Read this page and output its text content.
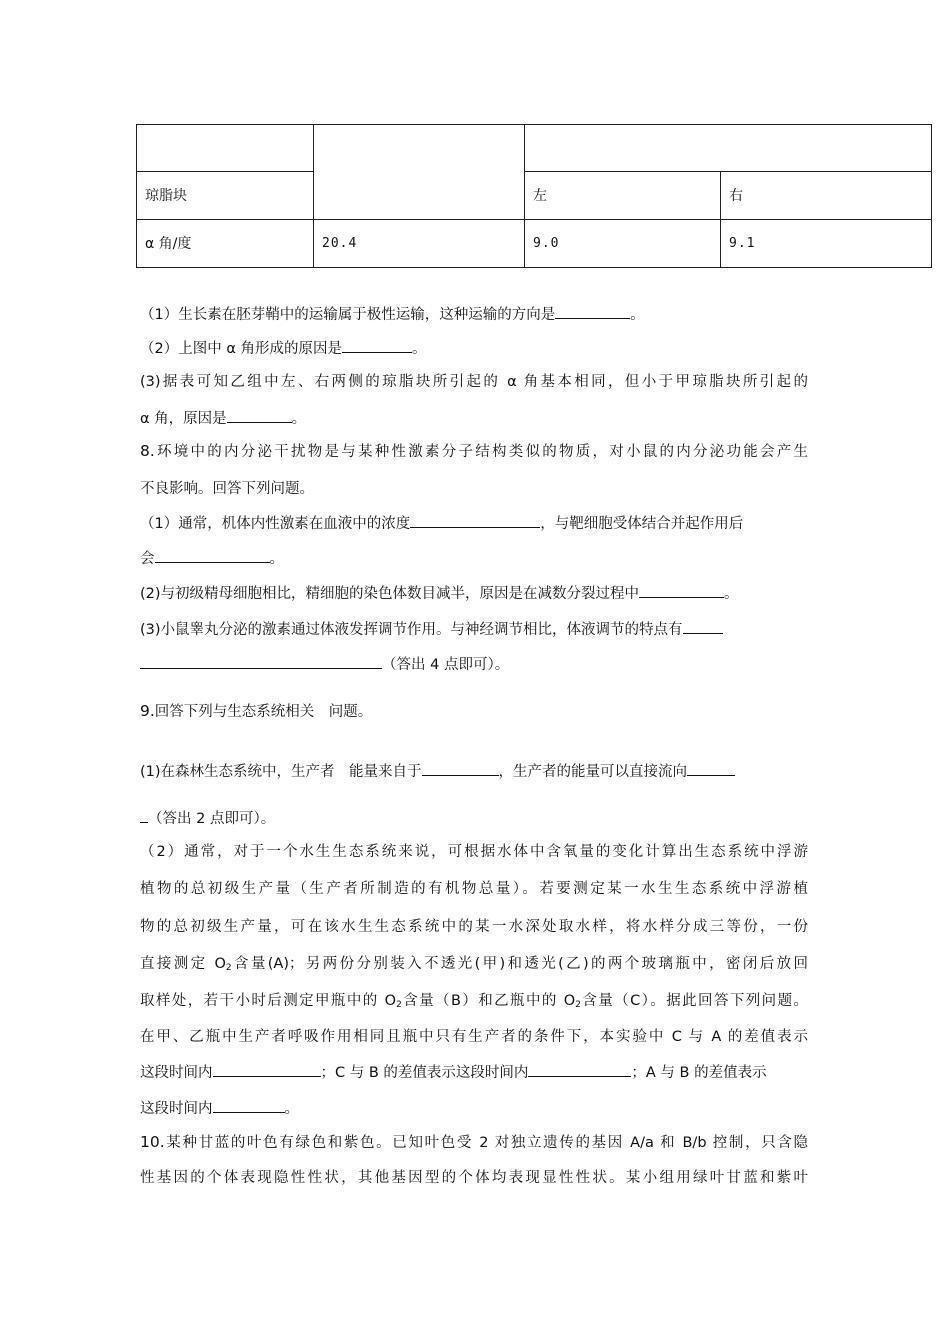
琼脂块		左	右
α 角/度	20.4	9.0	9.1
（1）生长素在胚芽鞘中的运输属于极性运输，这种运输的方向是	。
（2）上图中 α 角形成的原因是	。
(3)据表可知乙组中左、右两侧的琼脂块所引起的 α 角基本相同，但小于甲琼脂块所引起的
α 角，原因是	。
8.环境中的内分泌干扰物是与某种性激素分子结构类似的物质，对小鼠的内分泌功能会产生
不良影响。回答下列问题。
（1）通常，机体内性激素在血液中的浓度	，与靶细胞受体结合并起作用后
会	。
(2)与初级精母细胞相比，精细胞的染色体数目减半，原因是在减数分裂过程中	。
(3)小鼠睾丸分泌的激素通过体液发挥调节作用。与神经调节相比，体液调节的特点有
（答出 4 点即可）。
9.回答下列与生态系统相关　问题。
(1)在森林生态系统中，生产者　能量来自于	，生产者的能量可以直接流向
（答出 2 点即可）。
（2）通常，对于一个水生生态系统来说，可根据水体中含氧量的变化计算出生态系统中浮游
植物的总初级生产量（生产者所制造的有机物总量）。若要测定某一水生生态系统中浮游植
物的总初级生产量，可在该水生生态系统中的某一水深处取水样，将水样分成三等份，一份
直接测定 $O_2$含量(A)；另两份分别装入不透光(甲)和透光(乙)的两个玻璃瓶中，密闭后放回
取样处，若干小时后测定甲瓶中的 $O_2$含量（B）和乙瓶中的 $O_2$含量（C）。据此回答下列问题。
在甲、乙瓶中生产者呼吸作用相同且瓶中只有生产者的条件下，本实验中 C 与 A 的差值表示
这段时间内	；C 与 B 的差值表示这段时间内	；A 与 B 的差值表示
这段时间内	。
10.某种甘蓝的叶色有绿色和紫色。已知叶色受 2 对独立遗传的基因 A/a 和 B/b 控制，只含隐
性基因的个体表现隐性性状，其他基因型的个体均表现显性性状。某小组用绿叶甘蓝和紫叶
